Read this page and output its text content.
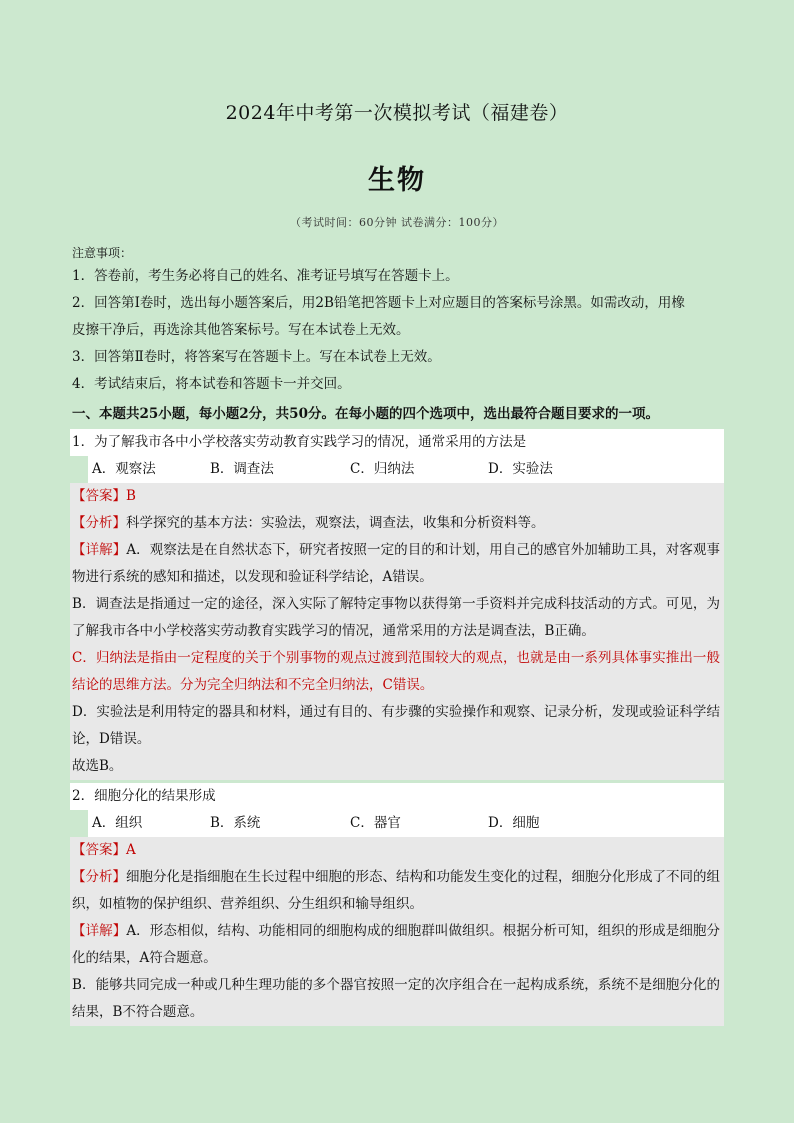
2024年中考第一次模拟考试（福建卷）
生物
（考试时间：60分钟 试卷满分：100分）
注意事项：
1．答卷前，考生务必将自己的姓名、准考证号填写在答题卡上。
2．回答第Ⅰ卷时，选出每小题答案后，用2B铅笔把答题卡上对应题目的答案标号涂黑。如需改动，用橡
皮擦干净后，再选涂其他答案标号。写在本试卷上无效。
3．回答第Ⅱ卷时，将答案写在答题卡上。写在本试卷上无效。
4．考试结束后，将本试卷和答题卡一并交回。
一、本题共25小题，每小题2分，共50分。在每小题的四个选项中，选出最符合题目要求的一项。
1．为了解我市各中小学校落实劳动教育实践学习的情况，通常采用的方法是
A．观察法	B．调查法	C．归纳法	D．实验法
【答案】B
【分析】科学探究的基本方法：实验法，观察法，调查法，收集和分析资料等。
【详解】A．观察法是在自然状态下，研究者按照一定的目的和计划，用自己的感官外加辅助工具，对客观事物进行系统的感知和描述，以发现和验证科学结论，A错误。
B．调查法是指通过一定的途径，深入实际了解特定事物以获得第一手资料并完成科技活动的方式。可见，为了解我市各中小学校落实劳动教育实践学习的情况，通常采用的方法是调查法，B正确。
C．归纳法是指由一定程度的关于个别事物的观点过渡到范围较大的观点，也就是由一系列具体事实推出一般结论的思维方法。分为完全归纳法和不完全归纳法，C错误。
D．实验法是利用特定的器具和材料，通过有目的、有步骤的实验操作和观察、记录分析，发现或验证科学结论，D错误。
故选B。
2．细胞分化的结果形成
A．组织	B．系统	C．器官	D．细胞
【答案】A
【分析】细胞分化是指细胞在生长过程中细胞的形态、结构和功能发生变化的过程，细胞分化形成了不同的组织，如植物的保护组织、营养组织、分生组织和输导组织。
【详解】A．形态相似，结构、功能相同的细胞构成的细胞群叫做组织。根据分析可知，组织的形成是细胞分化的结果，A符合题意。
B．能够共同完成一种或几种生理功能的多个器官按照一定的次序组合在一起构成系统，系统不是细胞分化的结果，B不符合题意。
